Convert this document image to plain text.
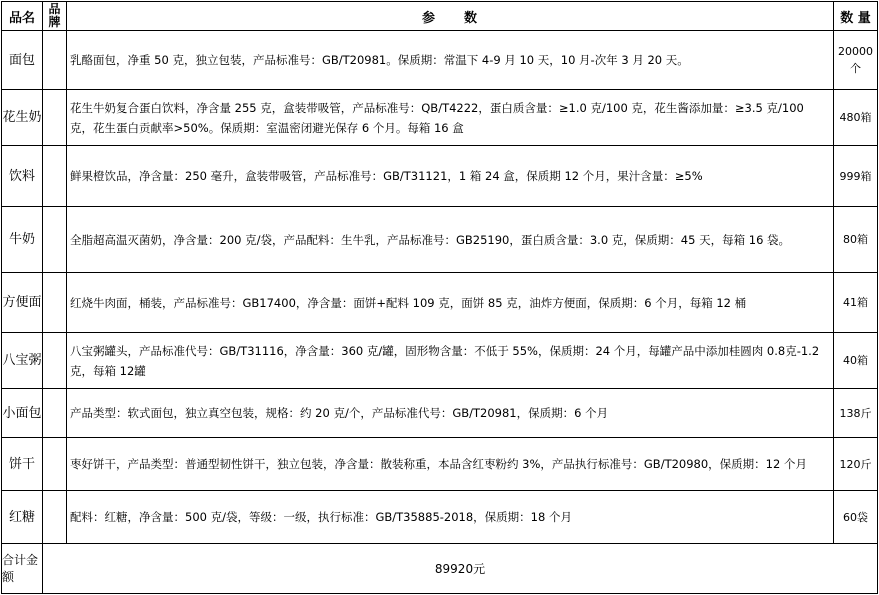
品名	品牌	参　　数	数 量
面包		乳酪面包，净重 50 克，独立包装，产品标准号：GB/T20981。保质期：常温下 4-9 月 10 天，10 月-次年 3 月 20 天。	20000个
花生奶		花生牛奶复合蛋白饮料，净含量 255 克，盒装带吸管，产品标准号：QB/T4222，蛋白质含量：≥1.0 克/100 克，花生酱添加量：≥3.5 克/100 克，花生蛋白贡献率>50%。保质期：室温密闭避光保存 6 个月。每箱 16 盒	480箱
饮料		鲜果橙饮品，净含量：250 毫升，盒装带吸管，产品标准号：GB/T31121，1 箱 24 盒，保质期 12 个月，果汁含量：≥5%	999箱
牛奶		全脂超高温灭菌奶，净含量：200 克/袋，产品配料：生牛乳，产品标准号：GB25190，蛋白质含量：3.0 克，保质期：45 天，每箱 16 袋。	80箱
方便面		红烧牛肉面，桶装，产品标准号：GB17400，净含量：面饼+配料 109 克，面饼 85 克，油炸方便面，保质期：6 个月，每箱 12 桶	41箱
八宝粥		八宝粥罐头，产品标准代号：GB/T31116，净含量：360 克/罐，固形物含量：不低于 55%，保质期：24 个月，每罐产品中添加桂圆肉 0.8克-1.2 克，每箱 12罐	40箱
小面包		产品类型：软式面包，独立真空包装，规格：约 20 克/个，产品标准代号：GB/T20981，保质期：6 个月	138斤
饼干		枣好饼干，产品类型：普通型韧性饼干，独立包装，净含量：散装称重，本品含红枣粉约 3%，产品执行标准号：GB/T20980，保质期：12 个月	120斤
红糖		配料：红糖，净含量：500 克/袋，等级：一级，执行标准：GB/T35885-2018，保质期：18 个月	60袋
合计金额	89920元		
